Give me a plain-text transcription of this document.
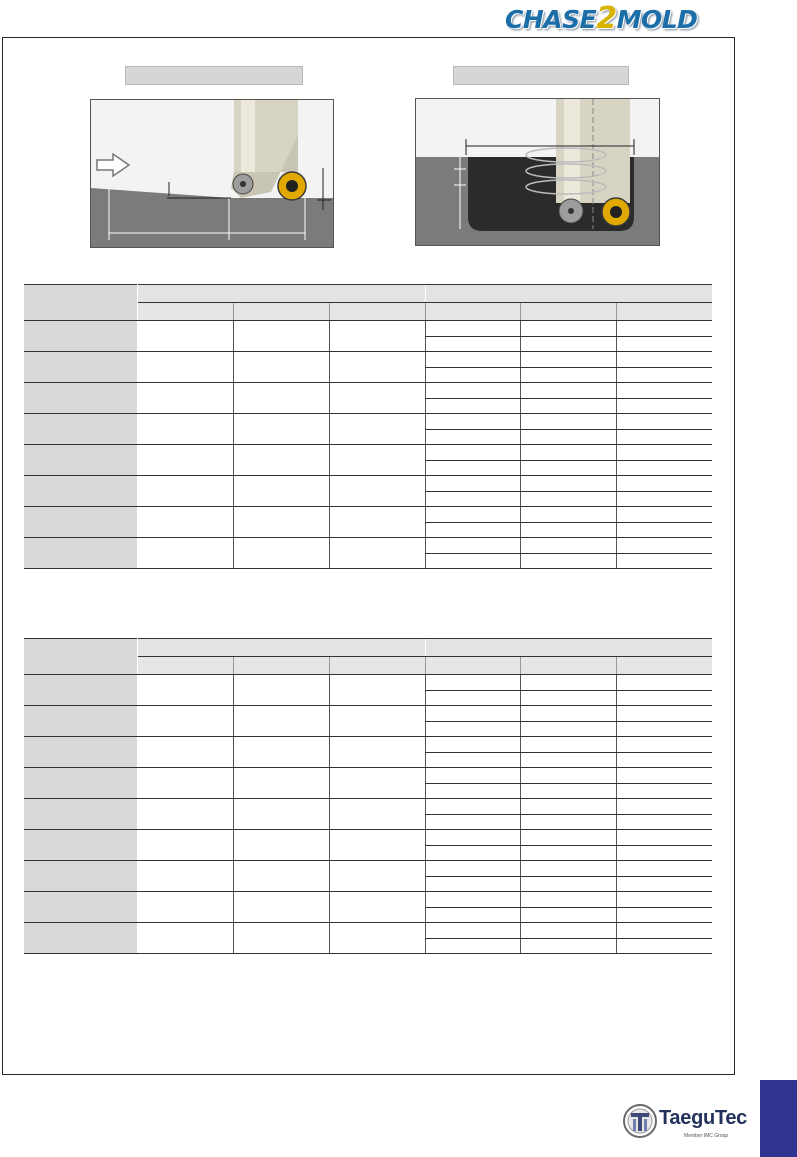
CHASE2MOLD

TaeguTec
Member IMC Group
